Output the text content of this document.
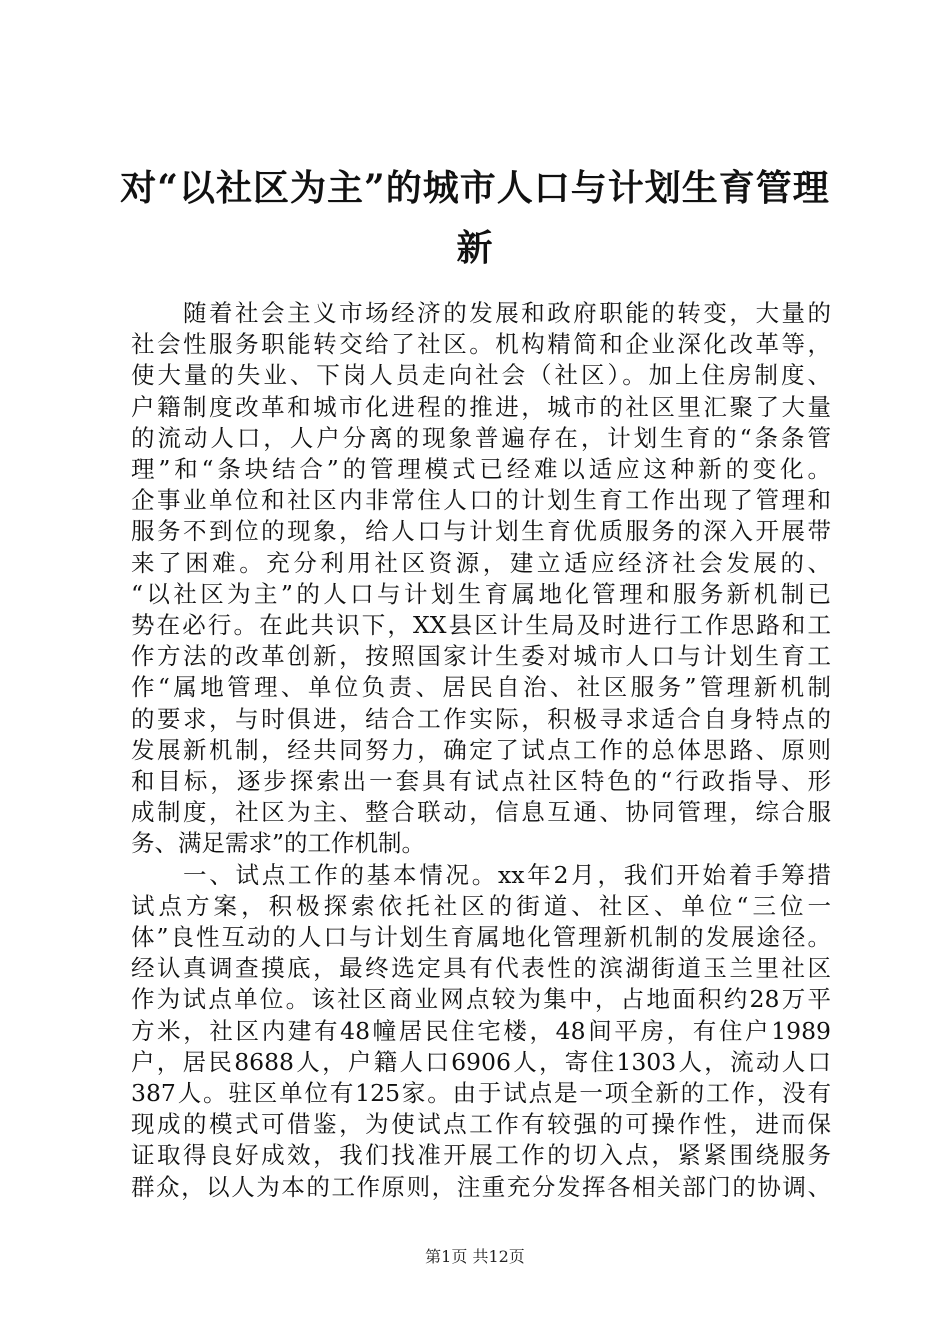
对“以社区为主”的城市人口与计划生育管理
新

随着社会主义市场经济的发展和政府职能的转变，大量的

社会性服务职能转交给了社区。机构精简和企业深化改革等，

使大量的失业、下岗人员走向社会（社区）。加上住房制度、

户籍制度改革和城市化进程的推进，城市的社区里汇聚了大量

的流动人口，人户分离的现象普遍存在，计划生育的“条条管

理”和“条块结合”的管理模式已经难以适应这种新的变化。

企事业单位和社区内非常住人口的计划生育工作出现了管理和

服务不到位的现象，给人口与计划生育优质服务的深入开展带

来了困难。充分利用社区资源，建立适应经济社会发展的、

“以社区为主”的人口与计划生育属地化管理和服务新机制已

势在必行。在此共识下，XX县区计生局及时进行工作思路和工

作方法的改革创新，按照国家计生委对城市人口与计划生育工

作“属地管理、单位负责、居民自治、社区服务”管理新机制

的要求，与时俱进，结合工作实际，积极寻求适合自身特点的

发展新机制，经共同努力，确定了试点工作的总体思路、原则

和目标，逐步探索出一套具有试点社区特色的“行政指导、形

成制度，社区为主、整合联动，信息互通、协同管理，综合服

务、满足需求”的工作机制。

一、试点工作的基本情况。xx年2月，我们开始着手筹措

试点方案，积极探索依托社区的街道、社区、单位“三位一

体”良性互动的人口与计划生育属地化管理新机制的发展途径。

经认真调查摸底，最终选定具有代表性的滨湖街道玉兰里社区

作为试点单位。该社区商业网点较为集中，占地面积约28万平

方米，社区内建有48幢居民住宅楼，48间平房，有住户1989

户，居民8688人，户籍人口6906人，寄住1303人，流动人口

387人。驻区单位有125家。由于试点是一项全新的工作，没有

现成的模式可借鉴，为使试点工作有较强的可操作性，进而保

证取得良好成效，我们找准开展工作的切入点，紧紧围绕服务

群众，以人为本的工作原则，注重充分发挥各相关部门的协调、

第1页 共12页
